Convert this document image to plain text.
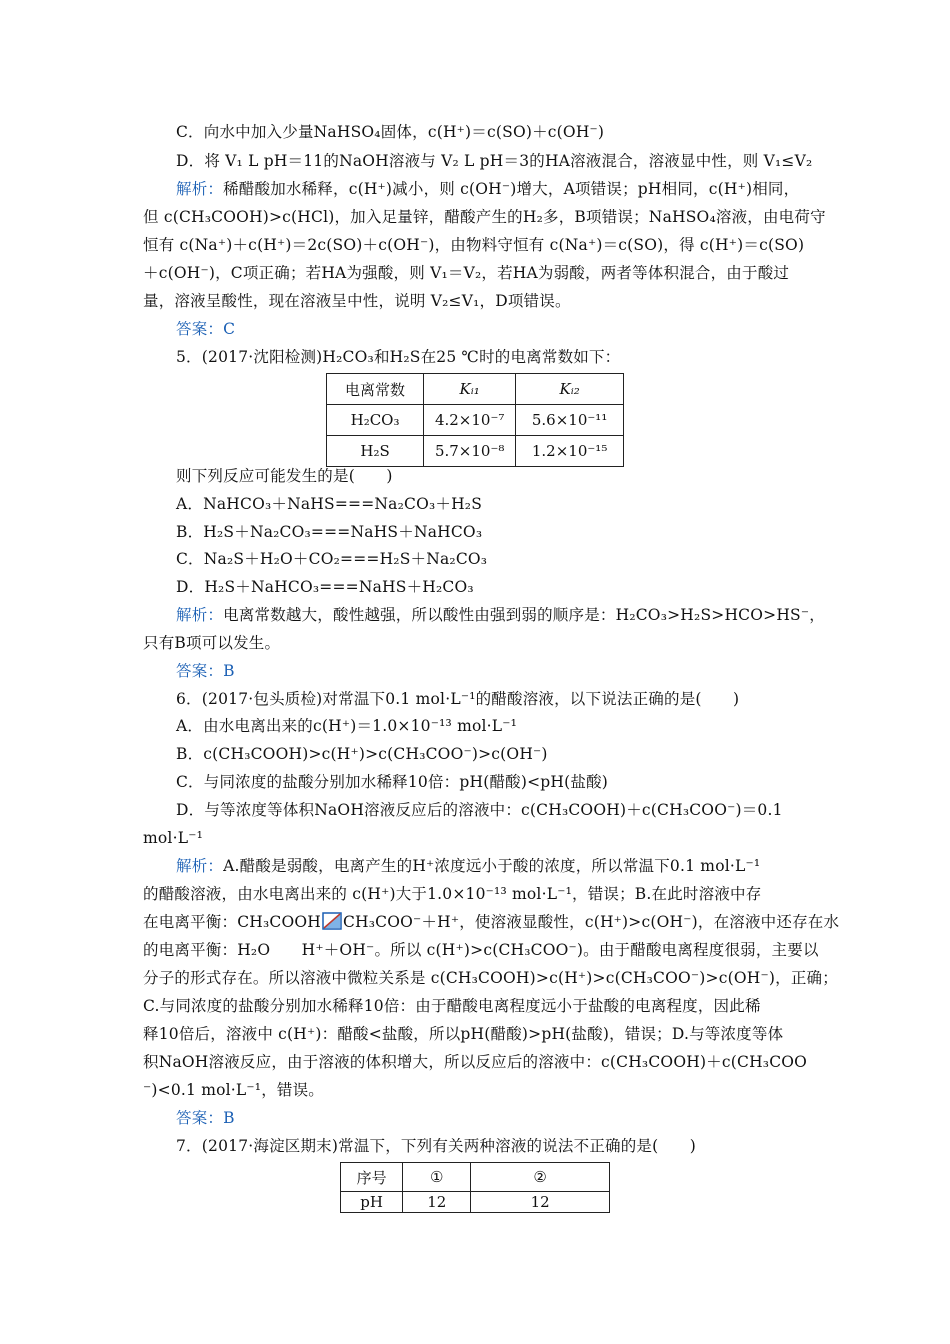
C．向水中加入少量NaHSO₄固体，c(H⁺)＝c(SO)＋c(OH⁻)
D．将 V₁ L pH＝11的NaOH溶液与 V₂ L pH＝3的HA溶液混合，溶液显中性，则 V₁≤V₂
解析：稀醋酸加水稀释，c(H⁺)减小，则 c(OH⁻)增大，A项错误；pH相同，c(H⁺)相同，
但 c(CH₃COOH)>c(HCl)，加入足量锌，醋酸产生的H₂多，B项错误；NaHSO₄溶液，由电荷守
恒有 c(Na⁺)＋c(H⁺)＝2c(SO)＋c(OH⁻)，由物料守恒有 c(Na⁺)＝c(SO)，得 c(H⁺)＝c(SO)
＋c(OH⁻)，C项正确；若HA为强酸，则 V₁＝V₂，若HA为弱酸，两者等体积混合，由于酸过
量，溶液呈酸性，现在溶液呈中性，说明 V₂≤V₁，D项错误。
答案：C
5．(2017·沈阳检测)H₂CO₃和H₂S在25 ℃时的电离常数如下：
电离常数	Kᵢ₁	Kᵢ₂
H₂CO₃	4.2×10⁻⁷	5.6×10⁻¹¹
H₂S	5.7×10⁻⁸	1.2×10⁻¹⁵
则下列反应可能发生的是(　　)
A．NaHCO₃＋NaHS===Na₂CO₃＋H₂S
B．H₂S＋Na₂CO₃===NaHS＋NaHCO₃
C．Na₂S＋H₂O＋CO₂===H₂S＋Na₂CO₃
D．H₂S＋NaHCO₃===NaHS＋H₂CO₃
解析：电离常数越大，酸性越强，所以酸性由强到弱的顺序是：H₂CO₃>H₂S>HCO>HS⁻，
只有B项可以发生。
答案：B
6．(2017·包头质检)对常温下0.1 mol·L⁻¹的醋酸溶液，以下说法正确的是(　　)
A．由水电离出来的c(H⁺)＝1.0×10⁻¹³ mol·L⁻¹
B．c(CH₃COOH)>c(H⁺)>c(CH₃COO⁻)>c(OH⁻)
C．与同浓度的盐酸分别加水稀释10倍：pH(醋酸)<pH(盐酸)
D．与等浓度等体积NaOH溶液反应后的溶液中：c(CH₃COOH)＋c(CH₃COO⁻)＝0.1
mol·L⁻¹
解析：A.醋酸是弱酸，电离产生的H⁺浓度远小于酸的浓度，所以常温下0.1 mol·L⁻¹
的醋酸溶液，由水电离出来的 c(H⁺)大于1.0×10⁻¹³ mol·L⁻¹，错误；B.在此时溶液中存
在电离平衡：CH₃COOH CH₃COO⁻＋H⁺，使溶液显酸性，c(H⁺)>c(OH⁻)，在溶液中还存在水
的电离平衡：H₂O　　H⁺＋OH⁻。所以 c(H⁺)>c(CH₃COO⁻)。由于醋酸电离程度很弱，主要以
分子的形式存在。所以溶液中微粒关系是 c(CH₃COOH)>c(H⁺)>c(CH₃COO⁻)>c(OH⁻)，正确；
C.与同浓度的盐酸分别加水稀释10倍：由于醋酸电离程度远小于盐酸的电离程度，因此稀
释10倍后，溶液中 c(H⁺)：醋酸<盐酸，所以pH(醋酸)>pH(盐酸)，错误；D.与等浓度等体
积NaOH溶液反应，由于溶液的体积增大，所以反应后的溶液中：c(CH₃COOH)＋c(CH₃COO
⁻)<0.1 mol·L⁻¹，错误。
答案：B
7．(2017·海淀区期末)常温下，下列有关两种溶液的说法不正确的是(　　)
序号	①	②
pH	12	12
